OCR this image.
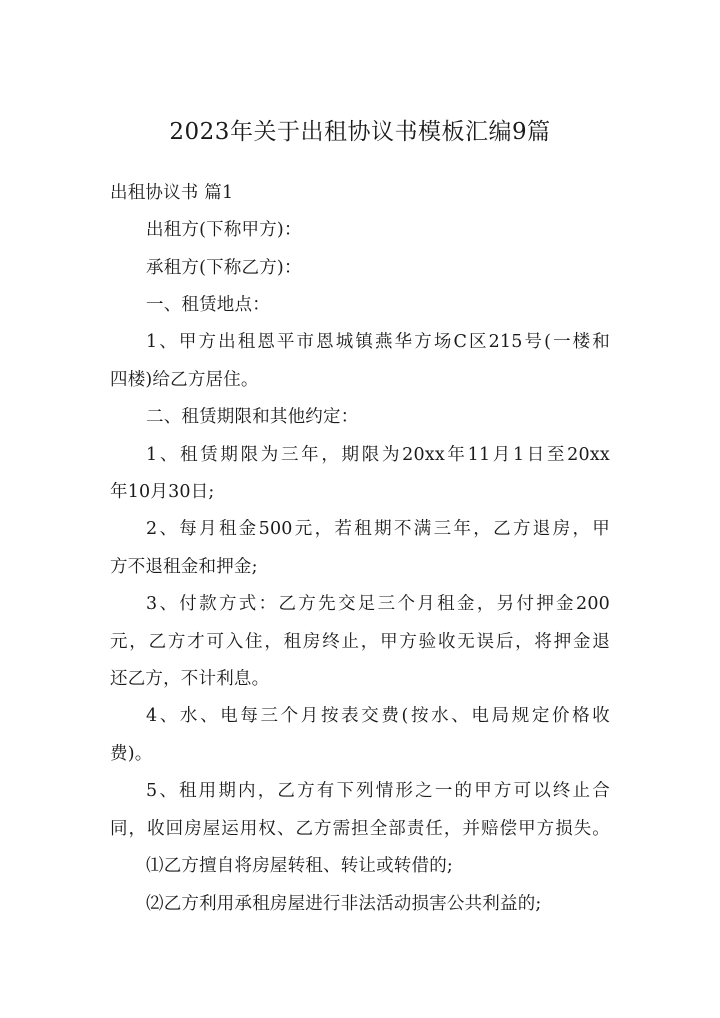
2023年关于出租协议书模板汇编9篇
出租协议书 篇1
出租方(下称甲方)：
承租方(下称乙方)：
一、租赁地点：
1、甲方出租恩平市恩城镇燕华方场C区215号(一楼和
四楼)给乙方居住。
二、租赁期限和其他约定：
1、租赁期限为三年，期限为20xx年11月1日至20xx
年10月30日;
2、每月租金500元，若租期不满三年，乙方退房，甲
方不退租金和押金;
3、付款方式：乙方先交足三个月租金，另付押金200
元，乙方才可入住，租房终止，甲方验收无误后，将押金退
还乙方，不计利息。
4、水、电每三个月按表交费(按水、电局规定价格收
费)。
5、租用期内，乙方有下列情形之一的甲方可以终止合
同，收回房屋运用权、乙方需担全部责任，并赔偿甲方损失。
⑴乙方擅自将房屋转租、转让或转借的;
⑵乙方利用承租房屋进行非法活动损害公共利益的;
